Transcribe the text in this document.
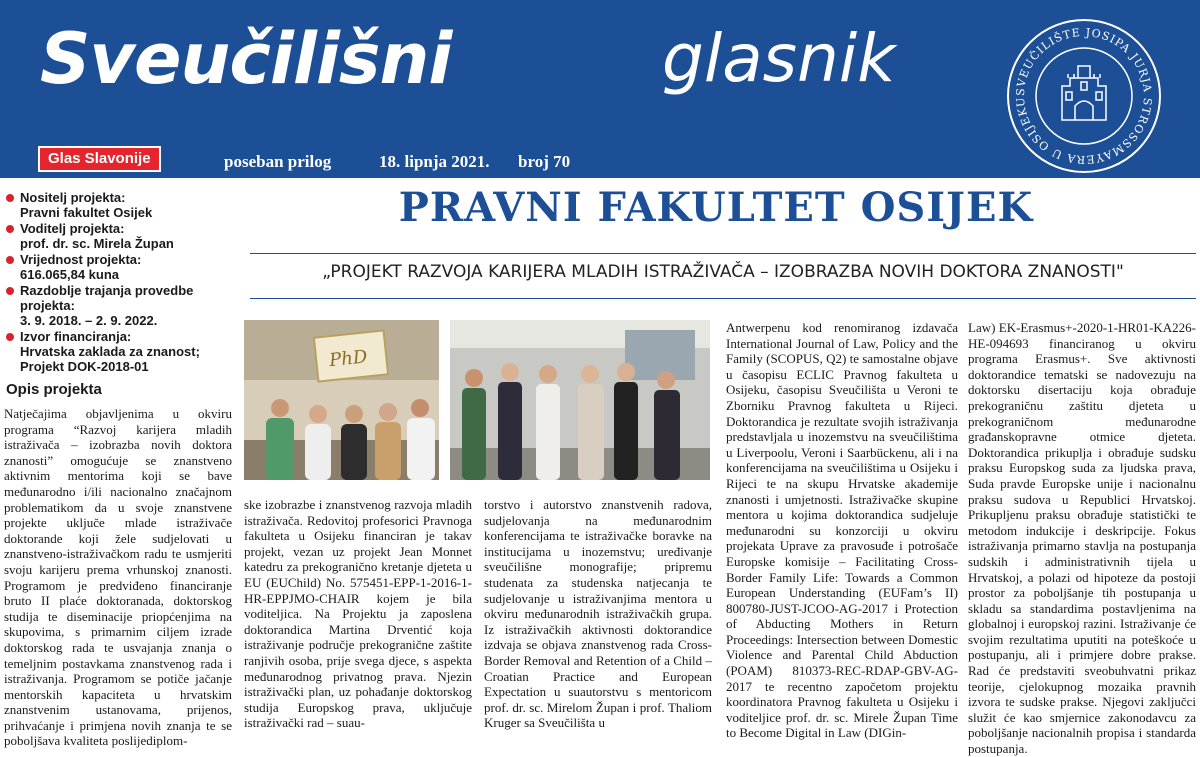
Sveučilišni	glasnik
Glas Slavonije	poseban prilog	18. lipnja 2021. broj 70
SVEUČILIŠTE JOSIPA JURJA STROSSMAYERA U OSIJEKU
Nositelj projekta:
Pravni fakultet Osijek
Voditelj projekta:
prof. dr. sc. Mirela Župan
Vrijednost projekta:
616.065,84 kuna
Razdoblje trajanja provedbe projekta:
3. 9. 2018. – 2. 9. 2022.
Izvor financiranja:
Hrvatska zaklada za znanost; Projekt DOK-2018-01
Opis projekta
PRAVNI FAKULTET OSIJEK
„PROJEKT RAZVOJA KARIJERA MLADIH ISTRAŽIVAČA – IZOBRAZBA NOVIH DOKTORA ZNANOSTI"
PhD
Natječajima objavljenima u okviru programa “Razvoj karijera mladih istraživača – izobrazba novih doktora znanosti” omogućuje se znanstveno aktivnim mentorima koji se bave međunarodno i/ili nacionalno značajnom problematikom da u svoje znanstvene projekte uključe mlade istraživače doktorande koji žele sudjelovati u znanstveno-istraživačkom radu te usmjeriti svoju karijeru prema vrhunskoj znanosti. Programom je predviđeno financiranje bruto II plaće doktoranada, doktorskog studija te diseminacije priopćenjima na skupovima, s primarnim ciljem izrade doktorskog rada te usvajanja znanja o temeljnim postavkama znanstvenog rada i istraživanja. Programom se potiče jačanje mentorskih kapaciteta u hrvatskim znanstvenim ustanovama, prijenos, prihvaćanje i primjena novih znanja te se poboljšava kvaliteta poslijediplom-
ske izobrazbe i znanstvenog razvoja mladih istraživača. Redovitoj profesorici Pravnoga fakulteta u Osijeku financiran je takav projekt, vezan uz projekt Jean Monnet katedru za prekogranično kretanje djeteta u EU (EUChild) No. 575451-EPP-1-2016-1-HR-EPPJMO-CHAIR kojem je bila voditeljica. Na Projektu ja zaposlena doktorandica Martina Drventić koja istraživanje područje prekogranične zaštite ranjivih osoba, prije svega djece, s aspekta međunarodnog privatnog prava. Njezin istraživački plan, uz pohađanje doktorskog studija Europskog prava, uključuje istraživački rad – suau-
torstvo i autorstvo znanstvenih radova, sudjelovanja na međunarodnim konferencijama te istraživačke boravke na institucijama u inozemstvu; uređivanje sveučilišne monografije; pripremu studenata za studenska natjecanja te sudjelovanje u istraživanjima mentora u okviru međunarodnih istraživačkih grupa. Iz istraživačkih aktivnosti doktorandice izdvaja se objava znanstvenog rada Cross-Border Removal and Retention of a Child – Croatian Practice and European Expectation u suautorstvu s mentoricom prof. dr. sc. Mirelom Župan i prof. Thaliom Kruger sa Sveučilišta u
Antwerpenu kod renomiranog izdavača International Journal of Law, Policy and the Family (SCOPUS, Q2) te samostalne objave u časopisu ECLIC Pravnog fakulteta u Osijeku, časopisu Sveučilišta u Veroni te Zborniku Pravnog fakulteta u Rijeci. Doktorandica je rezultate svojih istraživanja predstavljala u inozemstvu na sveučilištima u Liverpoolu, Veroni i Saarbückenu, ali i na konferencijama na sveučilištima u Osijeku i Rijeci te na skupu Hrvatske akademije znanosti i umjetnosti. Istraživačke skupine mentora u kojima doktorandica sudjeluje međunarodni su konzorciji u okviru projekata Uprave za pravosuđe i potrošače Europske komisije – Facilitating Cross-Border Family Life: Towards a Common European Understanding (EUFam’s II) 800780-JUST-JCOO-AG-2017 i Protection of Abducting Mothers in Return Proceedings: Intersection between Domestic Violence and Parental Child Abduction (POAM) 810373-REC-RDAP-GBV-AG-2017 te recentno započetom projektu koordinatora Pravnog fakulteta u Osijeku i voditeljice prof. dr. sc. Mirele Župan Time to Become Digital in Law (DIGin-
Law) EK-Erasmus+-2020-1-HR01-KA226-HE-094693 financiranog u okviru programa Erasmus+. Sve aktivnosti doktorandice tematski se nadovezuju na doktorsku disertaciju koja obrađuje prekograničnu zaštitu djeteta u prekograničnom međunarodne građanskopravne otmice djeteta. Doktorandica prikuplja i obrađuje sudsku praksu Europskog suda za ljudska prava, Suda pravde Europske unije i nacionalnu praksu sudova u Republici Hrvatskoj. Prikupljenu praksu obrađuje statistički te metodom indukcije i deskripcije. Fokus istraživanja primarno stavlja na postupanja sudskih i administrativnih tijela u Hrvatskoj, a polazi od hipoteze da postoji prostor za poboljšanje tih postupanja u skladu sa standardima postavljenima na globalnoj i europskoj razini. Istraživanje će svojim rezultatima uputiti na poteškoće u postupanju, ali i primjere dobre prakse. Rad će predstaviti sveobuhvatni prikaz teorije, cjelokupnog mozaika pravnih izvora te sudske prakse. Njegovi zaključci služit će kao smjernice zakonodavcu za poboljšanje nacionalnih propisa i standarda postupanja.
